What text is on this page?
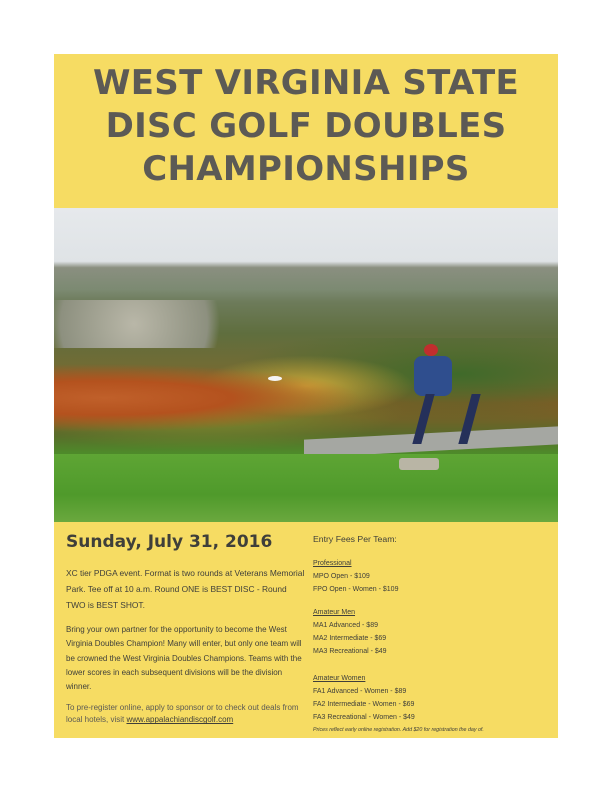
WEST VIRGINIA STATE
DISC GOLF DOUBLES
CHAMPIONSHIPS
Sunday, July 31, 2016
XC tier PDGA event. Format is two rounds at Veterans Memorial Park. Tee off at 10 a.m. Round ONE is BEST DISC - Round TWO is BEST SHOT.
Bring your own partner for the opportunity to become the West Virginia Doubles Champion! Many will enter, but only one team will be crowned the West Virginia Doubles Champions. Teams with the lower scores in each subsequent divisions will be the division winner.
To pre-register online, apply to sponsor or to check out deals from local hotels, visit www.appalachiandiscgolf.com
Entry Fees Per Team:
Professional
MPO Open - $109
FPO Open - Women - $109
Amateur Men
MA1 Advanced - $89
MA2 Intermediate - $69
MA3 Recreational - $49
Amateur Women
FA1 Advanced - Women - $89
FA2 Intermediate - Women - $69
FA3 Recreational - Women - $49
Prices reflect early online registration. Add $20 for registration the day of.
